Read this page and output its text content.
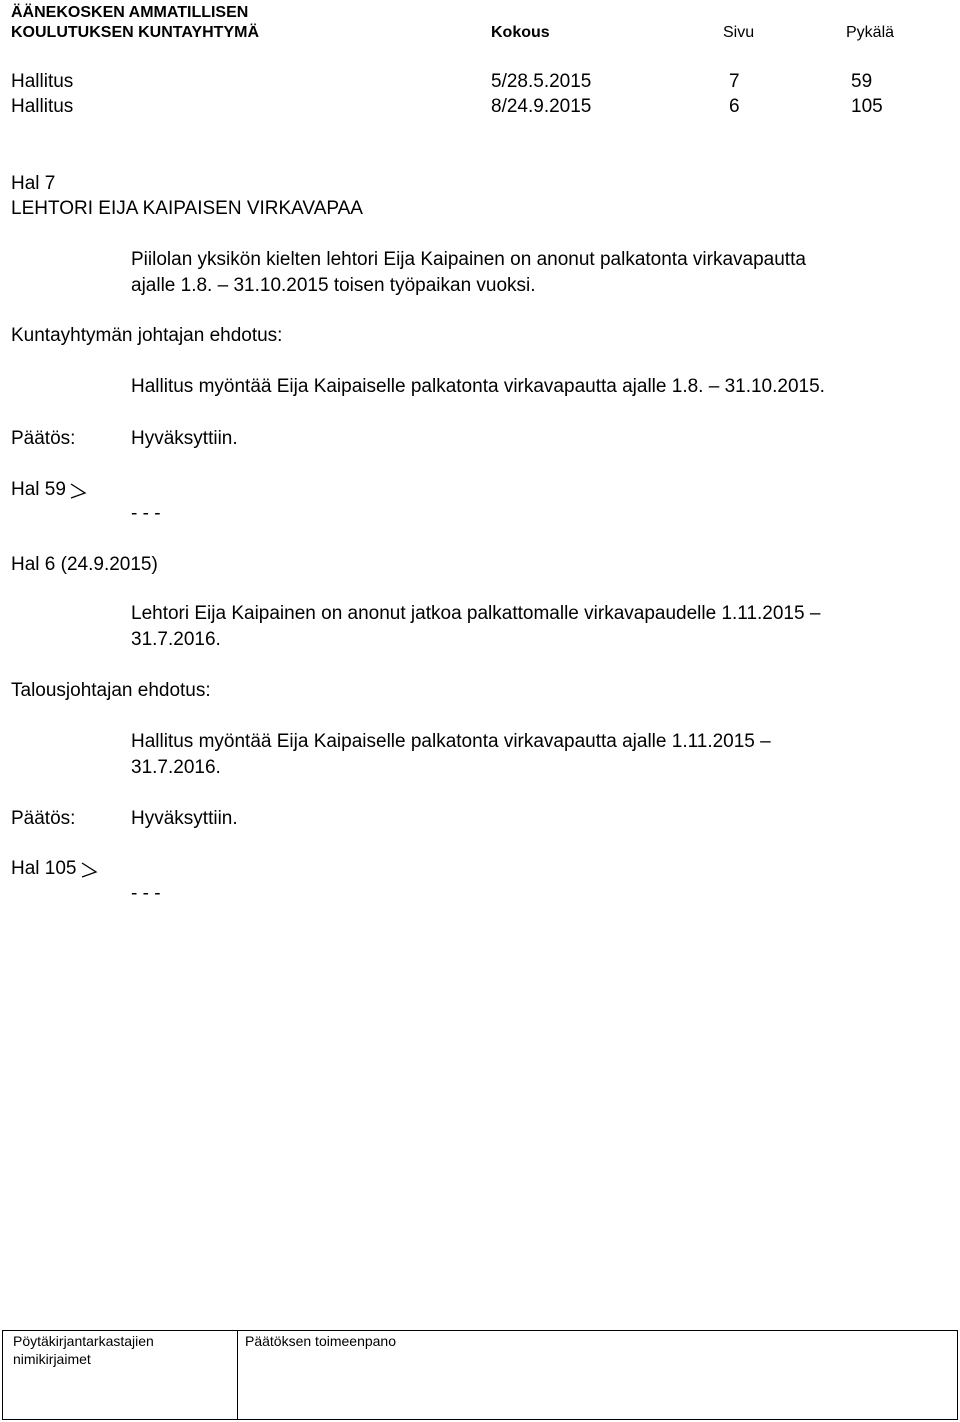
ÄÄNEKOSKEN AMMATILLISEN
KOULUTUKSEN KUNTAYHTYMÄ	Kokous	Sivu	Pykälä
Hallitus	5/28.5.2015	7	59
Hallitus	8/24.9.2015	6	105
Hal 7
LEHTORI EIJA KAIPAISEN VIRKAVAPAA
Piilolan yksikön kielten lehtori Eija Kaipainen on anonut palkatonta virkavapautta
ajalle 1.8. – 31.10.2015 toisen työpaikan vuoksi.
Kuntayhtymän johtajan ehdotus:
Hallitus myöntää Eija Kaipaiselle palkatonta virkavapautta ajalle 1.8. – 31.10.2015.
Päätös:	Hyväksyttiin.
Hal 59
- - -
Hal 6 (24.9.2015)
Lehtori Eija Kaipainen on anonut jatkoa palkattomalle virkavapaudelle 1.11.2015 –
31.7.2016.
Talousjohtajan ehdotus:
Hallitus myöntää Eija Kaipaiselle palkatonta virkavapautta ajalle 1.11.2015 –
31.7.2016.
Päätös:	Hyväksyttiin.
Hal 105
- - -
Pöytäkirjantarkastajien
nimikirjaimet
Päätöksen toimeenpano
